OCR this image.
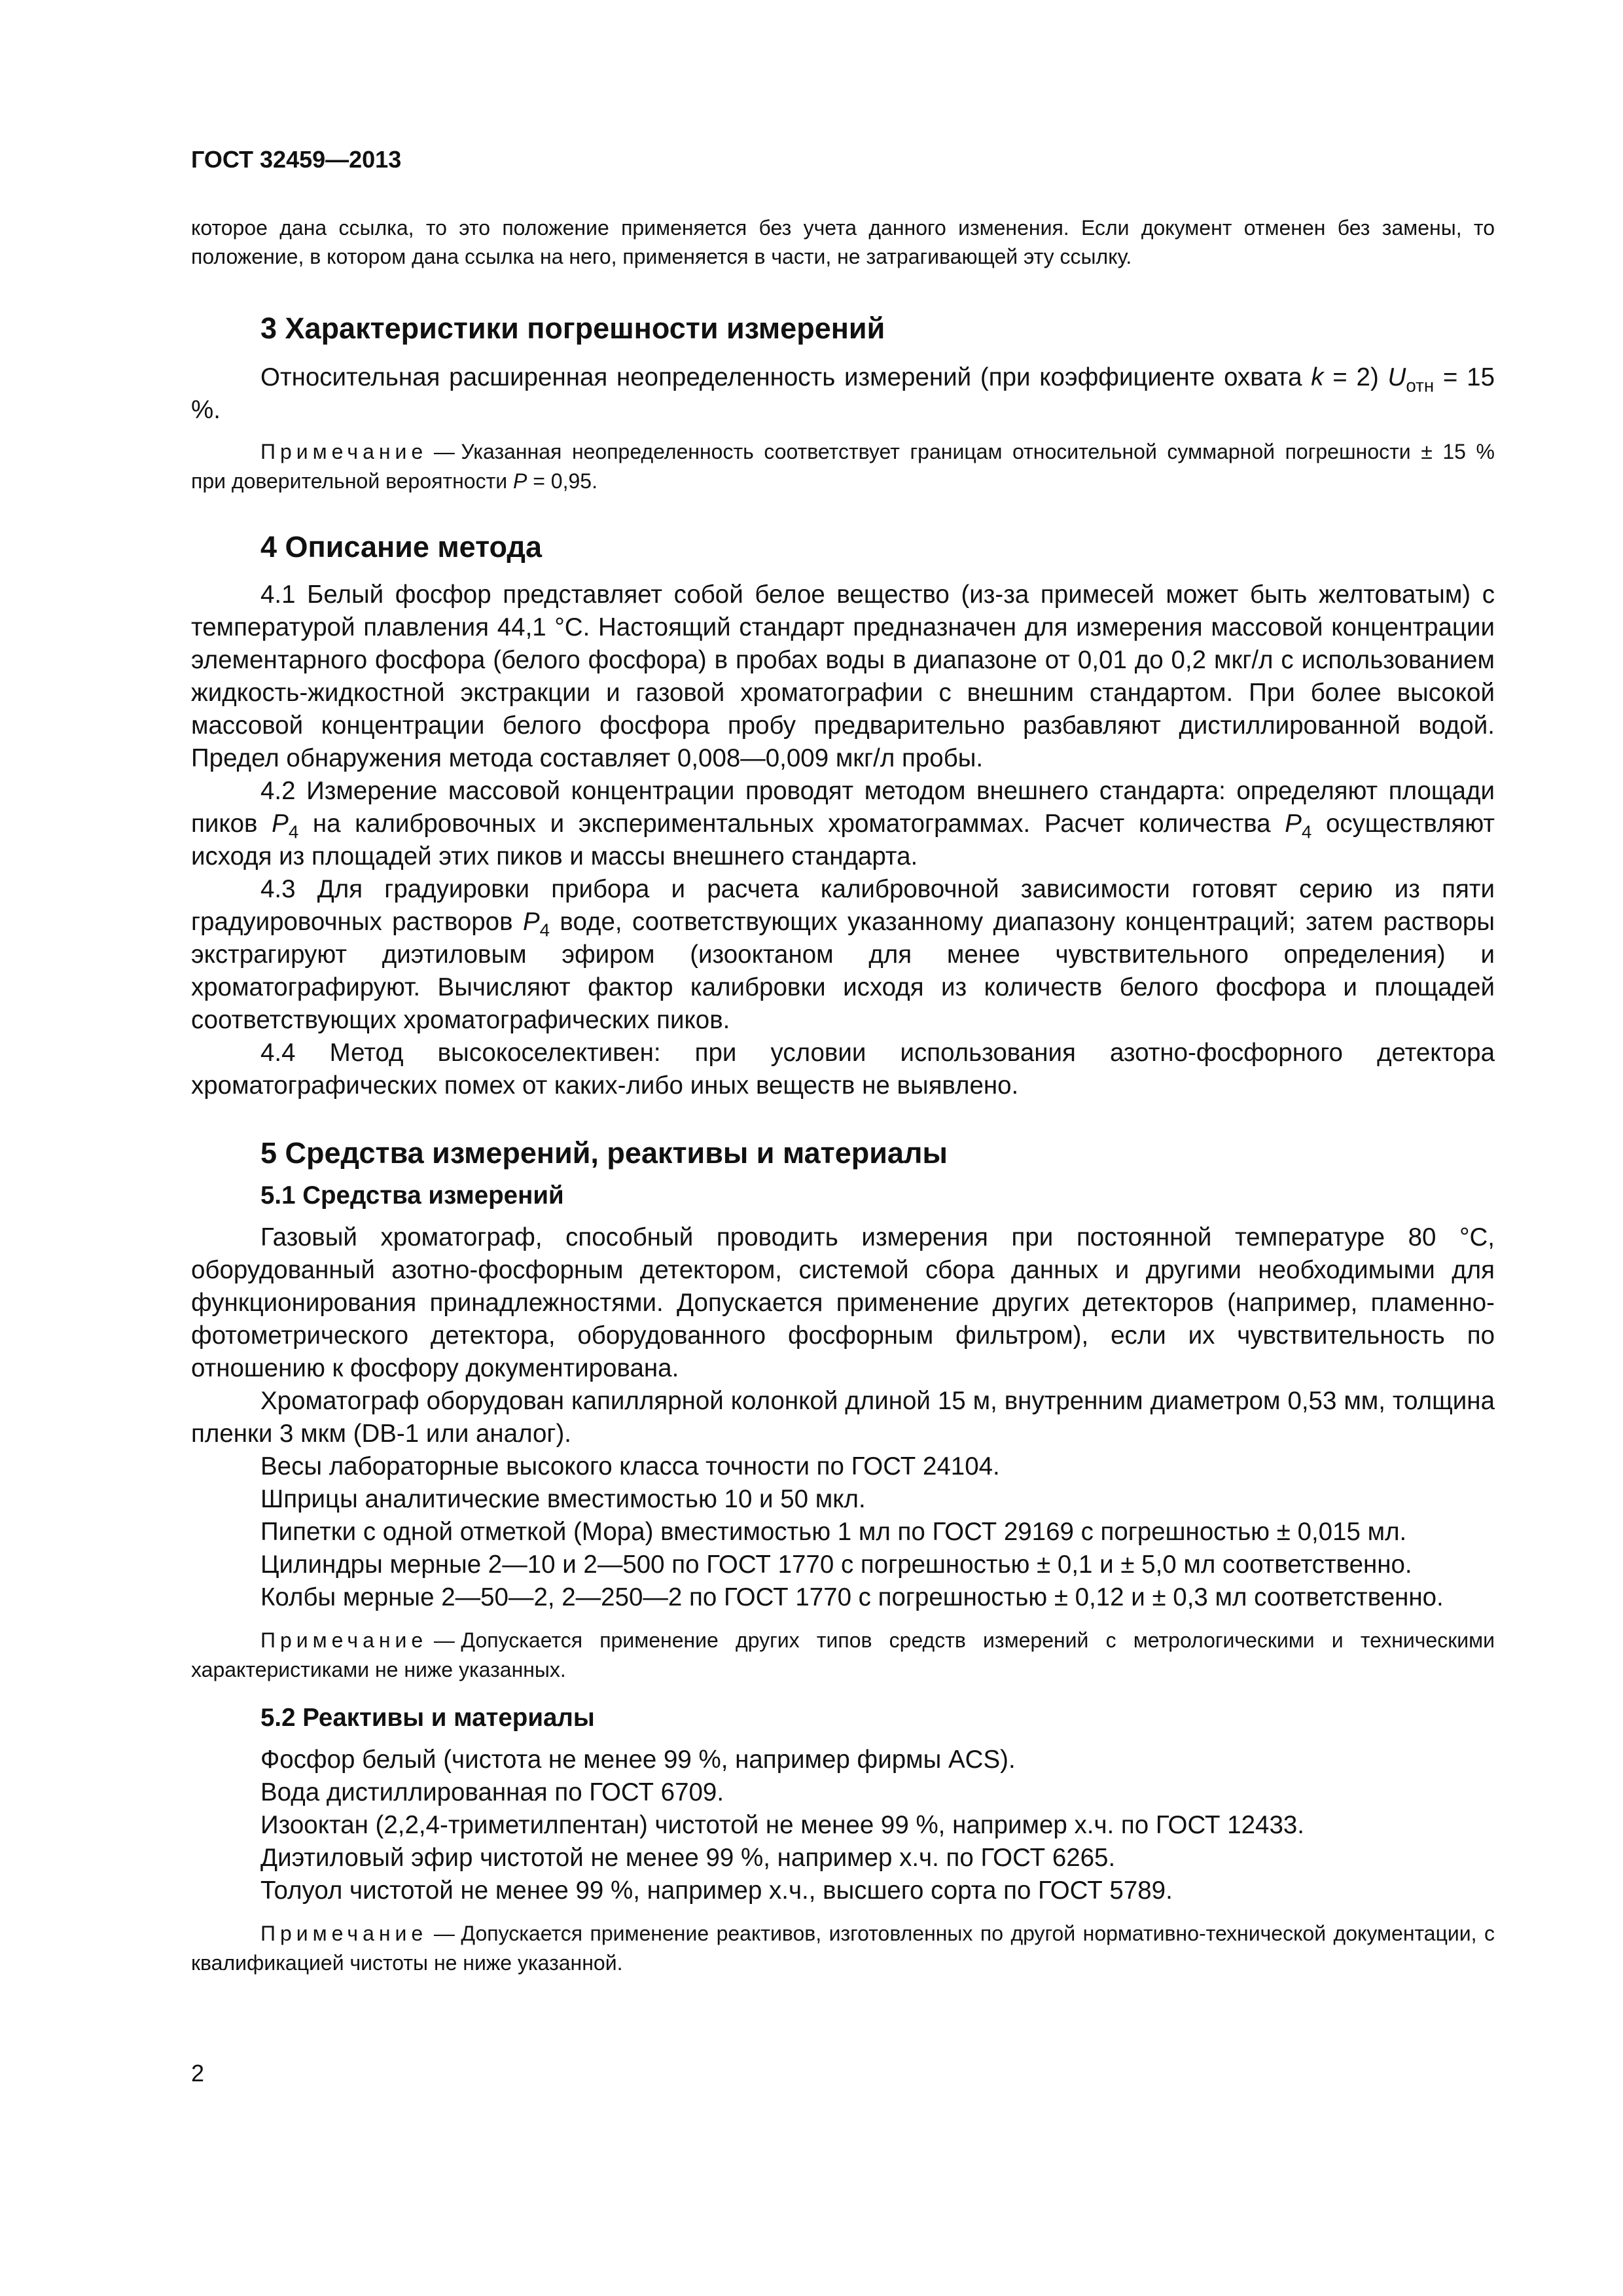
ГОСТ 32459—2013

которое дана ссылка, то это положение применяется без учета данного изменения. Если документ отменен без замены, то положение, в котором дана ссылка на него, применяется в части, не затрагивающей эту ссылку.

3 Характеристики погрешности измерений

Относительная расширенная неопределенность измерений (при коэффициенте охвата k = 2) $U_{отн} = 15$ %.

Примечание — Указанная неопределенность соответствует границам относительной суммарной погрешности ± 15 % при доверительной вероятности P = 0,95.

4 Описание метода

4.1 Белый фосфор представляет собой белое вещество (из-за примесей может быть желтоватым) с температурой плавления 44,1 °С. Настоящий стандарт предназначен для измерения массовой концентрации элементарного фосфора (белого фосфора) в пробах воды в диапазоне от 0,01 до 0,2 мкг/л с использованием жидкость-жидкостной экстракции и газовой хроматографии с внешним стандартом. При более высокой массовой концентрации белого фосфора пробу предварительно разбавляют дистиллированной водой. Предел обнаружения метода составляет 0,008—0,009 мкг/л пробы.

4.2 Измерение массовой концентрации проводят методом внешнего стандарта: определяют площади пиков $P_4$ на калибровочных и экспериментальных хроматограммах. Расчет количества $P_4$ осуществляют исходя из площадей этих пиков и массы внешнего стандарта.

4.3 Для градуировки прибора и расчета калибровочной зависимости готовят серию из пяти градуировочных растворов $P_4$ воде, соответствующих указанному диапазону концентраций; затем растворы экстрагируют диэтиловым эфиром (изооктаном для менее чувствительного определения) и хроматографируют. Вычисляют фактор калибровки исходя из количеств белого фосфора и площадей соответствующих хроматографических пиков.

4.4 Метод высокоселективен: при условии использования азотно-фосфорного детектора хроматографических помех от каких-либо иных веществ не выявлено.

5 Средства измерений, реактивы и материалы
5.1 Средства измерений

Газовый хроматограф, способный проводить измерения при постоянной температуре 80 °С, оборудованный азотно-фосфорным детектором, системой сбора данных и другими необходимыми для функционирования принадлежностями. Допускается применение других детекторов (например, пламенно-фотометрического детектора, оборудованного фосфорным фильтром), если их чувствительность по отношению к фосфору документирована.

Хроматограф оборудован капиллярной колонкой длиной 15 м, внутренним диаметром 0,53 мм, толщина пленки 3 мкм (DB-1 или аналог).

Весы лабораторные высокого класса точности по ГОСТ 24104.

Шприцы аналитические вместимостью 10 и 50 мкл.

Пипетки с одной отметкой (Мора) вместимостью 1 мл по ГОСТ 29169 с погрешностью ± 0,015 мл.

Цилиндры мерные 2—10 и 2—500 по ГОСТ 1770 с погрешностью ± 0,1 и ± 5,0 мл соответственно.

Колбы мерные 2—50—2, 2—250—2 по ГОСТ 1770 с погрешностью ± 0,12 и ± 0,3 мл соответственно.

Примечание — Допускается применение других типов средств измерений с метрологическими и техническими характеристиками не ниже указанных.

5.2 Реактивы и материалы

Фосфор белый (чистота не менее 99 %, например фирмы ACS).

Вода дистиллированная по ГОСТ 6709.

Изооктан (2,2,4-триметилпентан) чистотой не менее 99 %, например х.ч. по ГОСТ 12433.

Диэтиловый эфир чистотой не менее 99 %, например х.ч. по ГОСТ 6265.

Толуол чистотой не менее 99 %, например х.ч., высшего сорта по ГОСТ 5789.

Примечание — Допускается применение реактивов, изготовленных по другой нормативно-технической документации, с квалификацией чистоты не ниже указанной.

2
